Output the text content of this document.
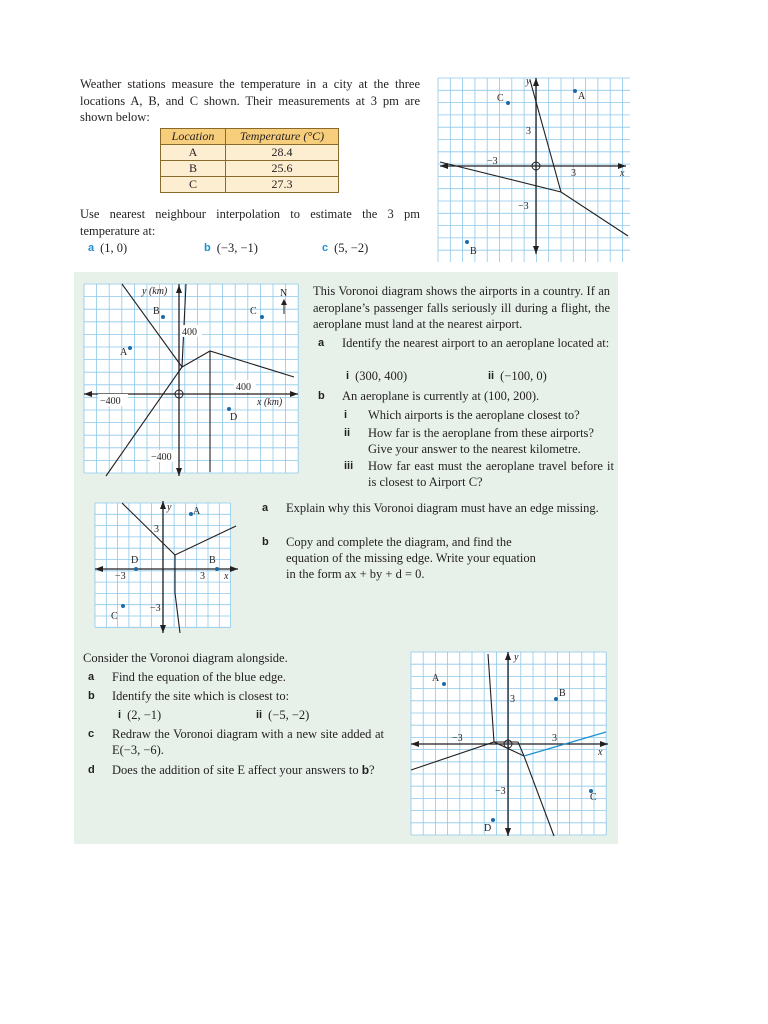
Weather stations measure the temperature in a city at the three locations A, B, and C shown. Their measurements at 3 pm are shown below:
Location	Temperature (°C)
A	28.4
B	25.6
C	27.3
Use nearest neighbour interpolation to estimate the 3 pm temperature at:
a (1, 0)	b (−3, −1)	c (5, −2)
y
x
−3
3
3
−3
A
C
B
y (km)
x (km)
N
400
400
−400
−400
B	C
A
D
This Voronoi diagram shows the airports in a country. If an aeroplane’s passenger falls seriously ill during a flight, the aeroplane must land at the nearest airport.
a	Identify the nearest airport to an aeroplane located at:
i (300, 400)	ii (−100, 0)
b	An aeroplane is currently at (100, 200).
i	Which airports is the aeroplane closest to?
ii	How far is the aeroplane from these airports? Give your answer to the nearest kilometre.
iii	How far east must the aeroplane travel before it is closest to Airport C?
y
x
−3	3
3
−3
A
D	B
C
a	Explain why this Voronoi diagram must have an edge missing.
b	Copy and complete the diagram, and find the equation of the missing edge. Write your equation in the form ax + by + d = 0.
Consider the Voronoi diagram alongside.
a	Find the equation of the blue edge.
b	Identify the site which is closest to:
i (2, −1)	ii (−5, −2)
c	Redraw the Voronoi diagram with a new site added at E(−3, −6).
d	Does the addition of site E affect your answers to b?
y
x
−3	3
3
−3
A
B
C
D
